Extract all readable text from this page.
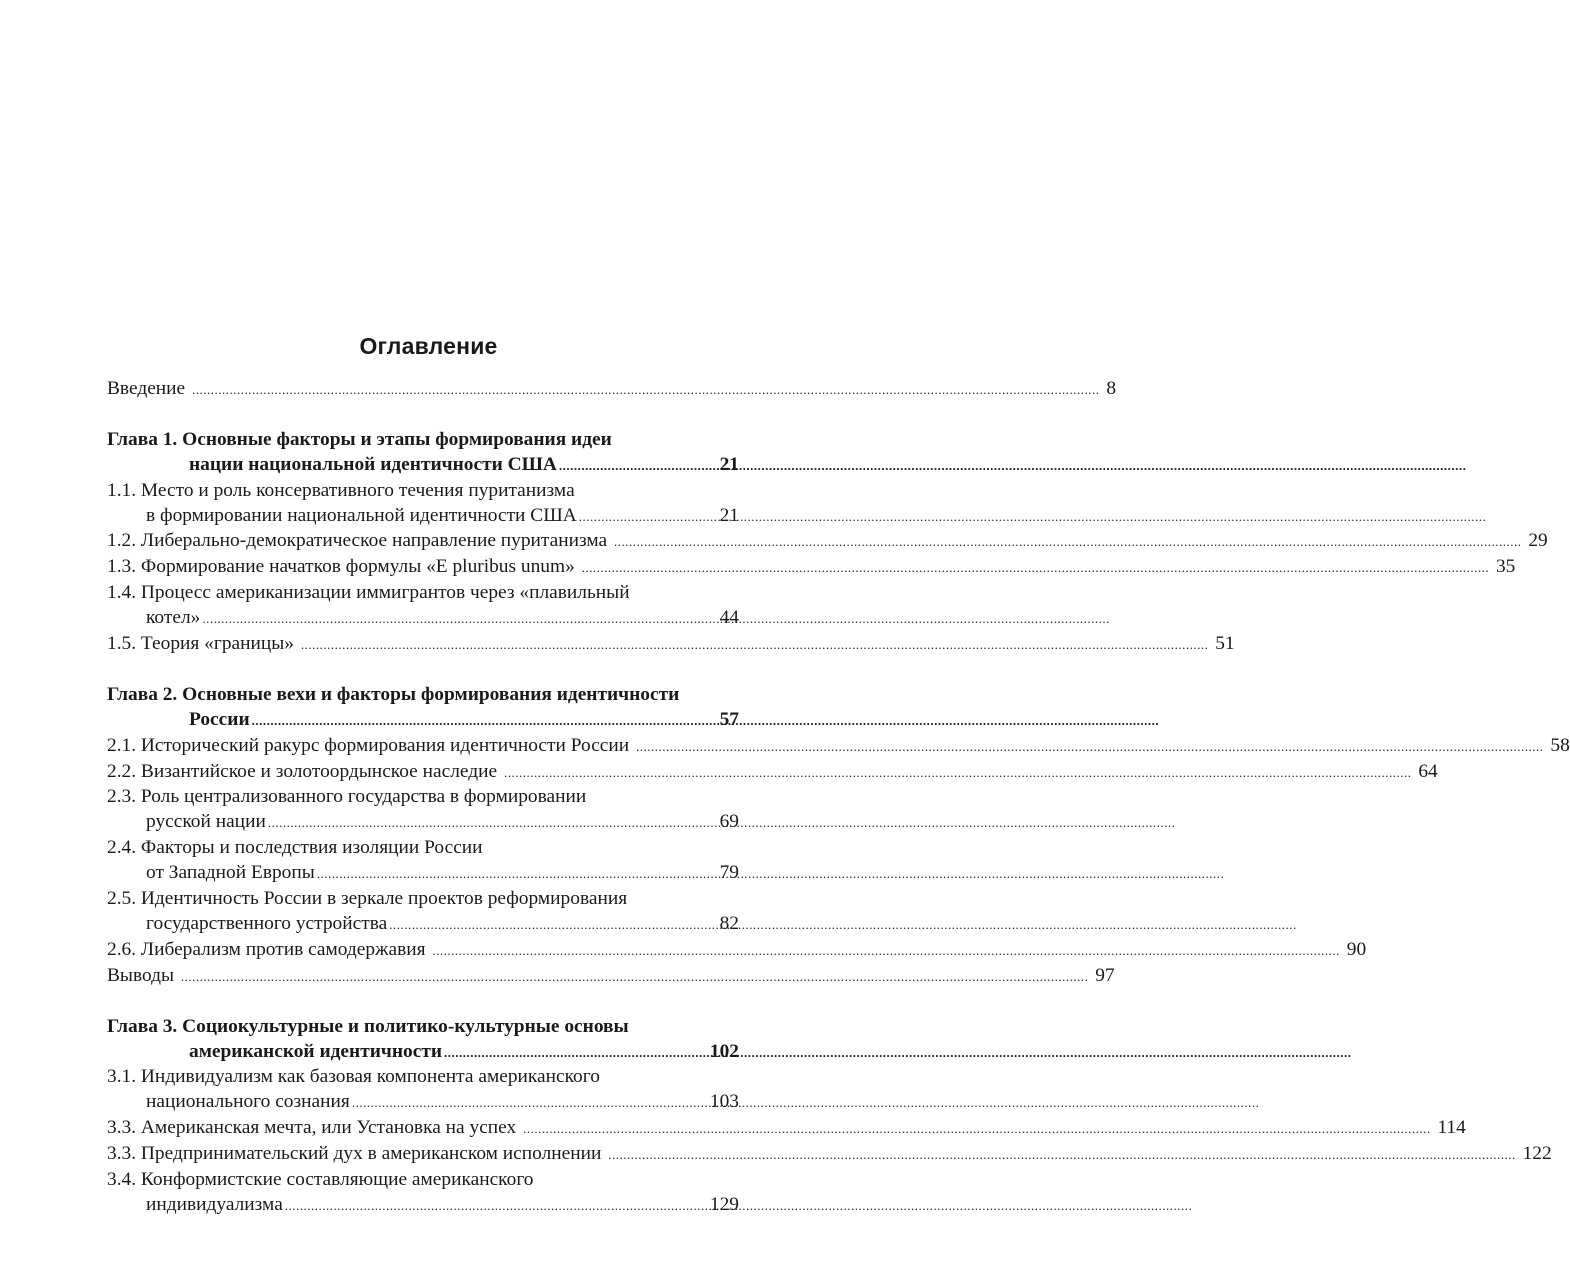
Оглавление
Введение .....	8
Глава 1. Основные факторы и этапы формирования идеи
нации национальной идентичности США .....	21
1.1. Место и роль консервативного течения пуританизма
в формировании национальной идентичности США .....	21
1.2. Либерально-демократическое направление пуританизма .....	29
1.3. Формирование начатков формулы «E pluribus unum» .....	35
1.4. Процесс американизации иммигрантов через «плавильный
котел» .....	44
1.5. Теория «границы» .....	51
Глава 2. Основные вехи и факторы формирования идентичности
России .....	57
2.1. Исторический ракурс формирования идентичности России .....	58
2.2. Византийское и золотоордынское наследие .....	64
2.3. Роль централизованного государства в формировании
русской нации .....	69
2.4. Факторы и последствия изоляции России
от Западной Европы .....	79
2.5. Идентичность России в зеркале проектов реформирования
государственного устройства .....	82
2.6. Либерализм против самодержавия .....	90
Выводы .....	97
Глава 3. Социокультурные и политико-культурные основы
американской идентичности .....	102
3.1. Индивидуализм как базовая компонента американского
национального сознания .....	103
3.3. Американская мечта, или Установка на успех .....	114
3.3. Предпринимательский дух в американском исполнении .....	122
3.4. Конформистские составляющие американского
индивидуализма .....	129
